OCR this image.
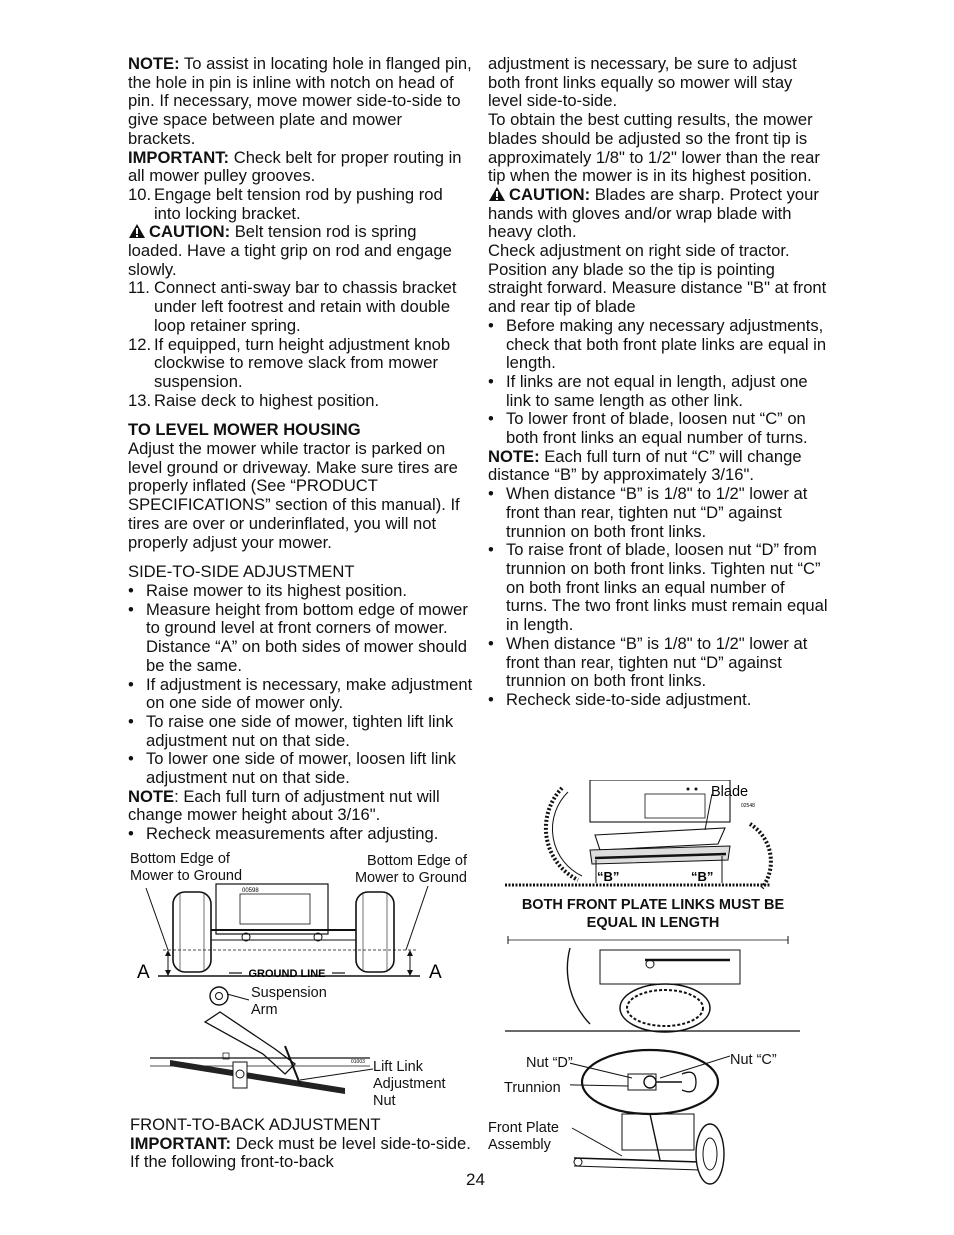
NOTE: To assist in locating hole in flanged pin, the hole in pin is inline with notch on head of pin. If necessary, move mower side-to-side to give space between plate and mower brackets.

IMPORTANT: Check belt for proper routing in all mower pulley grooves.

10. Engage belt tension rod by pushing rod into locking bracket.

CAUTION: Belt tension rod is spring loaded. Have a tight grip on rod and engage slowly.

11. Connect anti-sway bar to chassis bracket under left footrest and retain with double loop retainer spring.
12. If equipped, turn height adjustment knob clockwise to remove slack from mower suspension.
13. Raise deck to highest position.

TO LEVEL MOWER HOUSING

Adjust the mower while tractor is parked on level ground or driveway. Make sure tires are properly inflated (See “PRODUCT SPECIFICATIONS” section of this manual). If tires are over or underinflated, you will not properly adjust your mower.

SIDE-TO-SIDE ADJUSTMENT

• Raise mower to its highest position.
• Measure height from bottom edge of mower to ground level at front corners of mower. Distance “A” on both sides of mower should be the same.
• If adjustment is necessary, make adjustment on one side of mower only.
• To raise one side of mower, tighten lift link adjustment nut on that side.
• To lower one side of mower, loosen lift link adjustment nut on that side.

NOTE: Each full turn of adjustment nut will change mower height about 3/16".

• Recheck measurements after adjusting.
Bottom Edge of Mower to Ground
Bottom Edge of Mower to Ground
00598
A	A
GROUND LINE
Suspension Arm
Lift Link Adjustment Nut
01003

FRONT-TO-BACK ADJUSTMENT

IMPORTANT: Deck must be level side-to-side. If the following front-to-back

adjustment is necessary, be sure to adjust both front links equally so mower will stay level side-to-side.

To obtain the best cutting results, the mower blades should be adjusted so the front tip is approximately 1/8" to 1/2" lower than the rear tip when the mower is in its highest position.

CAUTION: Blades are sharp. Protect your hands with gloves and/or wrap blade with heavy cloth.

Check adjustment on right side of tractor. Position any blade so the tip is pointing straight forward. Measure distance "B" at front and rear tip of blade

• Before making any necessary adjustments, check that both front plate links are equal in length.
• If links are not equal in length, adjust one link to same length as other link.
• To lower front of blade, loosen nut “C” on both front links an equal number of turns.

NOTE: Each full turn of nut “C” will change distance “B” by approximately 3/16".

• When distance “B” is 1/8" to 1/2" lower at front than rear, tighten nut “D” against trunnion on both front links.
• To raise front of blade, loosen nut “D” from trunnion on both front links. Tighten nut “C” on both front links an equal number of turns. The two front links must remain equal in length.
• When distance “B” is 1/8" to 1/2" lower at front than rear, tighten nut “D” against trunnion on both front links.
• Recheck side-to-side adjustment.
02548
Blade
“B”	“B”
BOTH FRONT PLATE LINKS MUST BE EQUAL IN LENGTH
Nut “D”	Nut “C”
Trunnion
Front Plate Assembly
24
